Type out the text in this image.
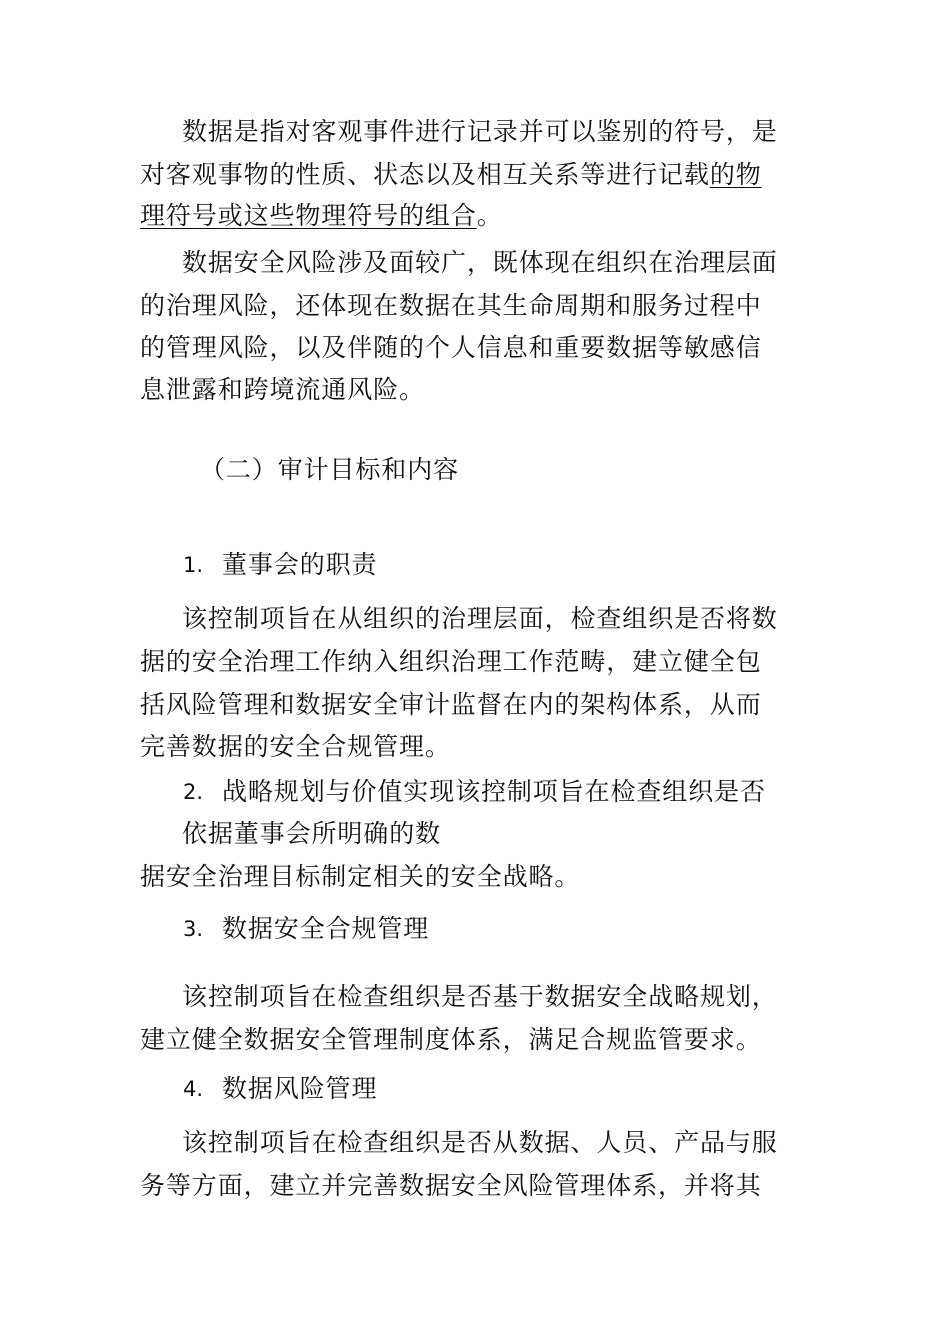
数据是指对客观事件进行记录并可以鉴别的符号，是
对客观事物的性质、状态以及相互关系等进行记载的物
理符号或这些物理符号的组合。
数据安全风险涉及面较广，既体现在组织在治理层面
的治理风险，还体现在数据在其生命周期和服务过程中
的管理风险，以及伴随的个人信息和重要数据等敏感信
息泄露和跨境流通风险。
（二）审计目标和内容
1. 董事会的职责
该控制项旨在从组织的治理层面，检查组织是否将数
据的安全治理工作纳入组织治理工作范畴，建立健全包
括风险管理和数据安全审计监督在内的架构体系，从而
完善数据的安全合规管理。
2. 战略规划与价值实现该控制项旨在检查组织是否
依据董事会所明确的数
据安全治理目标制定相关的安全战略。
3. 数据安全合规管理
该控制项旨在检查组织是否基于数据安全战略规划，
建立健全数据安全管理制度体系，满足合规监管要求。
4. 数据风险管理
该控制项旨在检查组织是否从数据、人员、产品与服
务等方面，建立并完善数据安全风险管理体系，并将其
